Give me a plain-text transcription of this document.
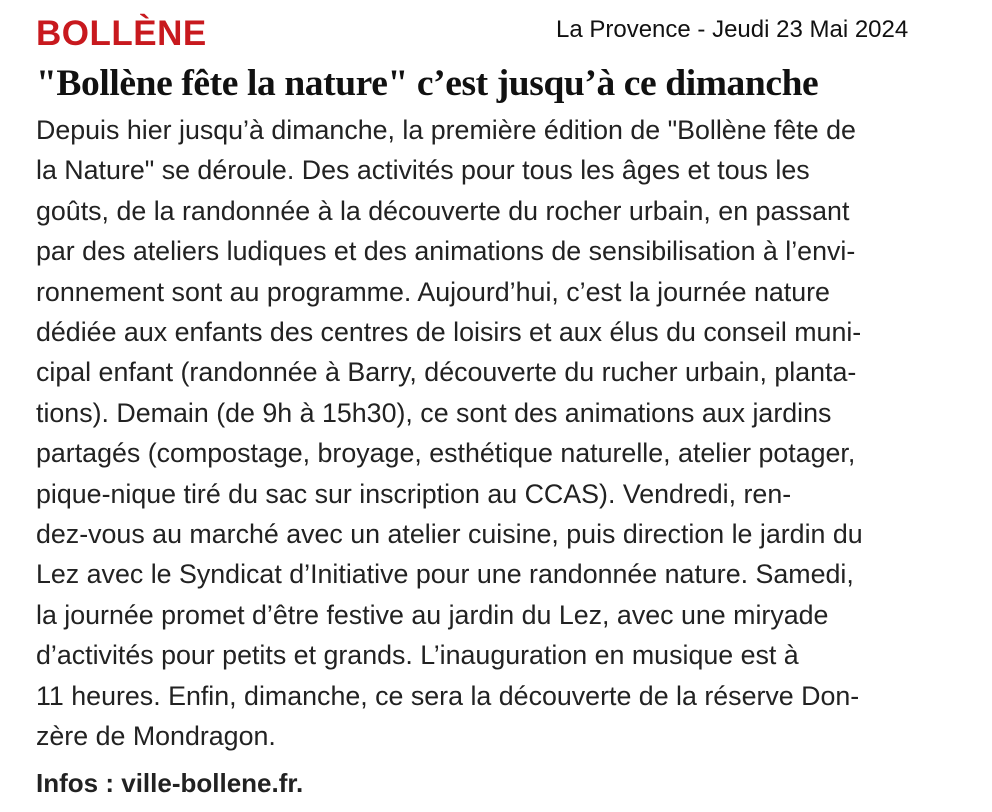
BOLLÈNE	La Provence - Jeudi 23 Mai 2024

"Bollène fête la nature" c’est jusqu’à ce dimanche
Depuis hier jusqu’à dimanche, la première édition de "Bollène fête de
la Nature" se déroule. Des activités pour tous les âges et tous les
goûts, de la randonnée à la découverte du rocher urbain, en passant
par des ateliers ludiques et des animations de sensibilisation à l’envi-
ronnement sont au programme. Aujourd’hui, c’est la journée nature
dédiée aux enfants des centres de loisirs et aux élus du conseil muni-
cipal enfant (randonnée à Barry, découverte du rucher urbain, planta-
tions). Demain (de 9h à 15h30), ce sont des animations aux jardins
partagés (compostage, broyage, esthétique naturelle, atelier potager,
pique-nique tiré du sac sur inscription au CCAS). Vendredi, ren-
dez-vous au marché avec un atelier cuisine, puis direction le jardin du
Lez avec le Syndicat d’Initiative pour une randonnée nature. Samedi,
la journée promet d’être festive au jardin du Lez, avec une miryade
d’activités pour petits et grands. L’inauguration en musique est à
11 heures. Enfin, dimanche, ce sera la découverte de la réserve Don-
zère de Mondragon.

Infos : ville-bollene.fr.
